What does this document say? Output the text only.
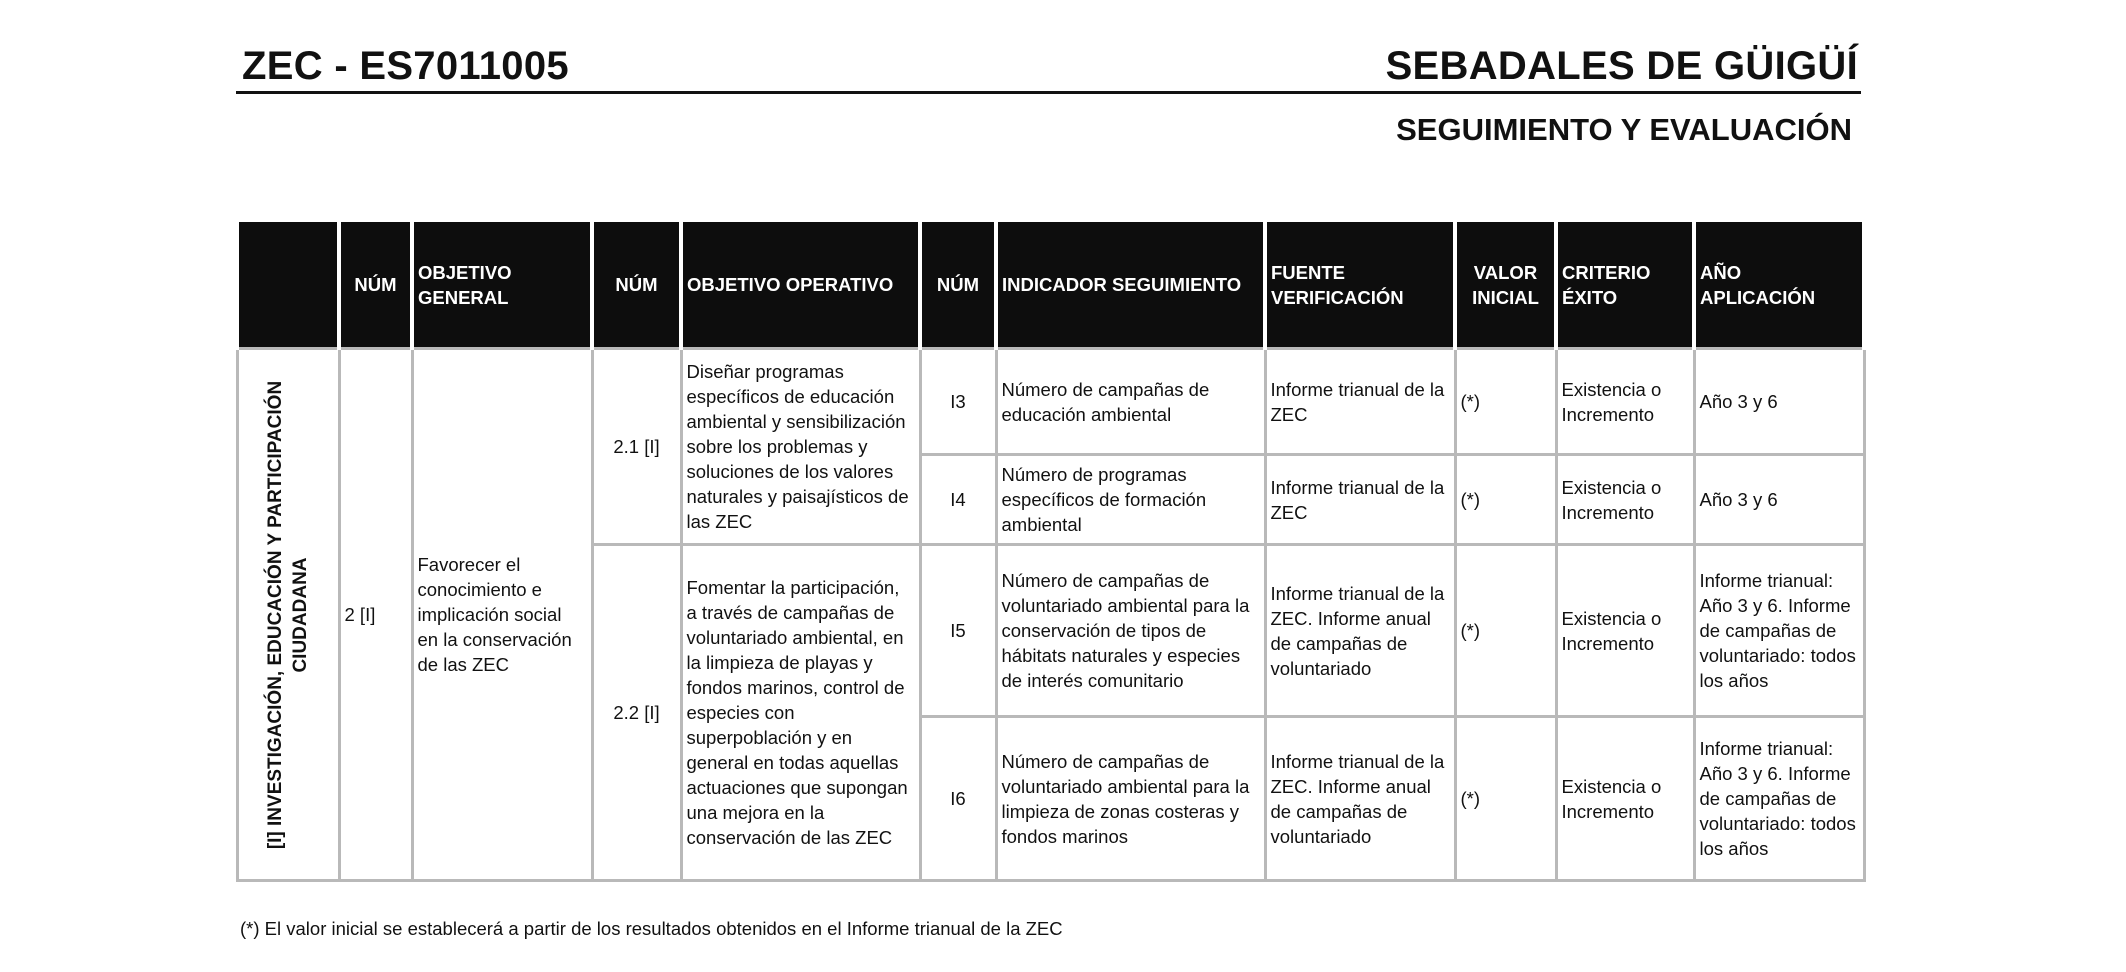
ZEC - ES7011005	SEBADALES DE GÜIGÜÍ
SEGUIMIENTO Y EVALUACIÓN
	NÚM	OBJETIVO GENERAL	NÚM	OBJETIVO OPERATIVO	NÚM	INDICADOR SEGUIMIENTO	FUENTE VERIFICACIÓN	VALOR INICIAL	CRITERIO ÉXITO	AÑO APLICACIÓN

[I] INVESTIGACIÓN, EDUCACIÓN Y PARTICIPACIÓN
CIUDADANA	2 [I]	Favorecer el conocimiento e implicación social en la conservación de las ZEC	2.1 [I]	Diseñar programas específicos de educación ambiental y sensibilización sobre los problemas y soluciones de los valores naturales y paisajísticos de las ZEC	I3	Número de campañas de educación ambiental	Informe trianual de la ZEC	(*)	Existencia o Incremento	Año 3 y 6
					I4	Número de programas específicos de formación ambiental	Informe trianual de la ZEC	(*)	Existencia o Incremento	Año 3 y 6
			2.2 [I]	Fomentar la participación, a través de campañas de voluntariado ambiental, en la limpieza de playas y fondos marinos, control de especies con superpoblación y en general en todas aquellas actuaciones que supongan una mejora en la conservación de las ZEC	I5	Número de campañas de voluntariado ambiental para la conservación de tipos de hábitats naturales y especies de interés comunitario	Informe trianual de la ZEC. Informe anual de campañas de voluntariado	(*)	Existencia o Incremento	Informe trianual: Año 3 y 6. Informe de campañas de voluntariado: todos los años
					I6	Número de campañas de voluntariado ambiental para la limpieza de zonas costeras y fondos marinos	Informe trianual de la ZEC. Informe anual de campañas de voluntariado	(*)	Existencia o Incremento	Informe trianual: Año 3 y 6. Informe de campañas de voluntariado: todos los años
(*) El valor inicial se establecerá a partir de los resultados obtenidos en el Informe trianual de la ZEC
